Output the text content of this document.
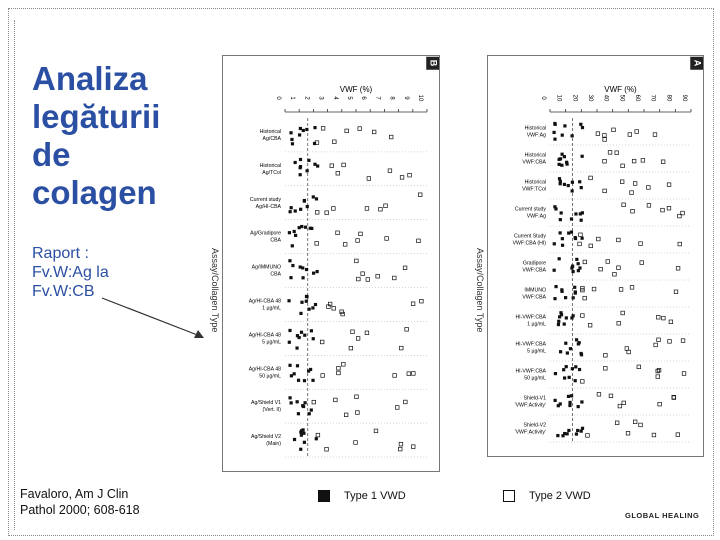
Analiza
legăturii
de
colagen
Raport :
Fv.W:Ag la
Fv.W:CB
Favaloro, Am J Clin
Pathol 2000; 608-618
Assay/Collagen Type	Assay/Collagen Type
VWF (%)
0 1 2 3 4 5 6 7 8 9 10
Historical
Ag/CBA
Historical
Ag/TCol
Current study
Ag/HI-CBA
Ag/Gradipore
CBA
Ag/IMMUNO
CBA
Ag/HI-CBA 48
1 µg/mL
Ag/HI-CBA 48
5 µg/mL
Ag/HI-CBA 48
50 µg/mL
Ag/Shield V1
(Vert. II)
Ag/Shield V2
(Main)
B
VWF (%)
0 10 20 30 40 50 60 70 80 90
Historical
VWF:Ag
Historical
VWF:CBA
Historical
VWF:TCol
Current study
VWF:Ag
Current Study
VWF:CBA (HI)
Gradipore
VWF:CBA
IMMUNO
VWF:CBA
HI-VWF:CBA
1 µg/mL
HI-VWF:CBA
5 µg/mL
HI-VWF:CBA
50 µg/mL
Shield-V1
'VWF:Activity'
Shield-V2
'VWF:Activity'
A
Type 1 VWD	Type 2 VWD
GLOBAL HEALING
